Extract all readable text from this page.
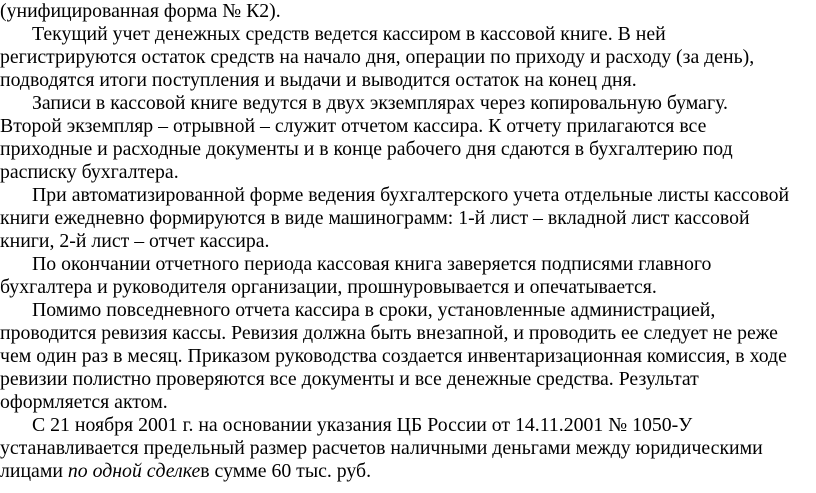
(унифицированная форма № К2).
Текущий учет денежных средств ведется кассиром в кассовой книге. В ней
регистрируются остаток средств на начало дня, операции по приходу и расходу (за день),
подводятся итоги поступления и выдачи и выводится остаток на конец дня.
Записи в кассовой книге ведутся в двух экземплярах через копировальную бумагу.
Второй экземпляр – отрывной – служит отчетом кассира. К отчету прилагаются все
приходные и расходные документы и в конце рабочего дня сдаются в бухгалтерию под
расписку бухгалтера.
При автоматизированной форме ведения бухгалтерского учета отдельные листы кассовой
книги ежедневно формируются в виде машинограмм: 1-й лист – вкладной лист кассовой
книги, 2-й лист – отчет кассира.
По окончании отчетного периода кассовая книга заверяется подписями главного
бухгалтера и руководителя организации, прошнуровывается и опечатывается.
Помимо повседневного отчета кассира в сроки, установленные администрацией,
проводится ревизия кассы. Ревизия должна быть внезапной, и проводить ее следует не реже
чем один раз в месяц. Приказом руководства создается инвентаризационная комиссия, в ходе
ревизии полистно проверяются все документы и все денежные средства. Результат
оформляется актом.
С 21 ноября 2001 г. на основании указания ЦБ России от 14.11.2001 № 1050-У
устанавливается предельный размер расчетов наличными деньгами между юридическими
лицами по одной сделкев сумме 60 тыс. руб.
